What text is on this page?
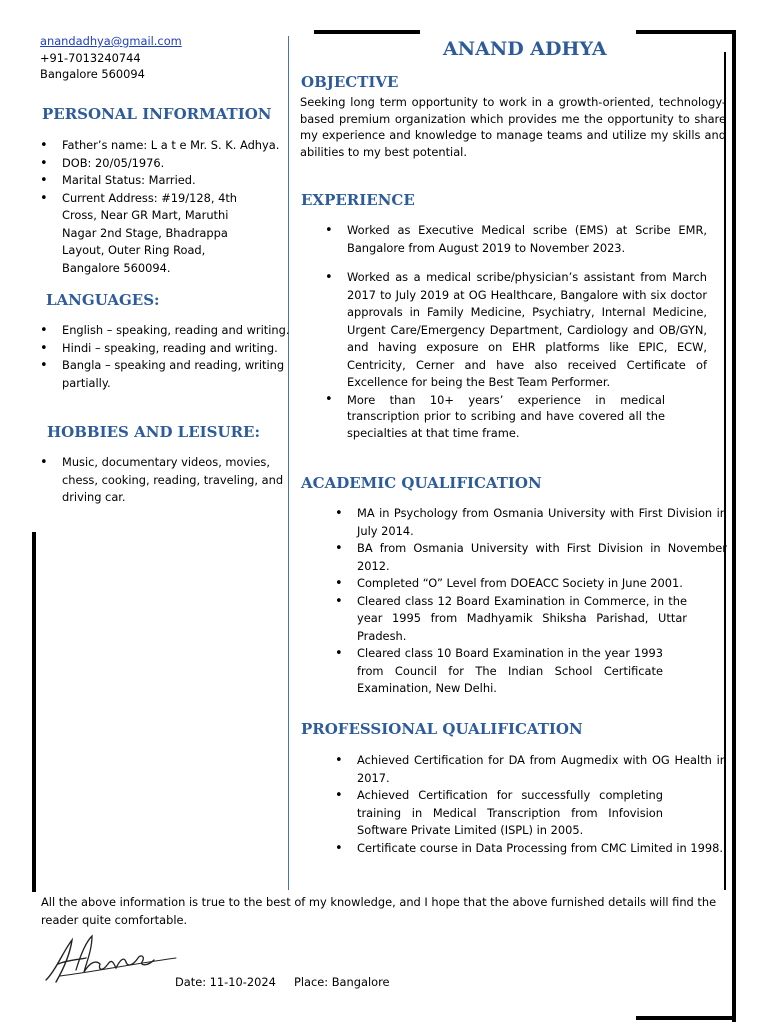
anandadhya@gmail.com
+91-7013240744
Bangalore 560094
ANAND ADHYA
PERSONAL INFORMATION
• Father’s name: L a t e Mr. S. K. Adhya.
• DOB: 20/05/1976.
• Marital Status: Married.
• Current Address: #19/128, 4th Cross, Near GR Mart, Maruthi Nagar 2nd Stage, Bhadrappa Layout, Outer Ring Road, Bangalore 560094.
LANGUAGES:
• English – speaking, reading and writing.
• Hindi – speaking, reading and writing.
• Bangla – speaking and reading, writing partially.
HOBBIES AND LEISURE:
• Music, documentary videos, movies, chess, cooking, reading, traveling, and driving car.
OBJECTIVE
Seeking long term opportunity to work in a growth-oriented, technology-based premium organization which provides me the opportunity to share my experience and knowledge to manage teams and utilize my skills and abilities to my best potential.
EXPERIENCE
• Worked as Executive Medical scribe (EMS) at Scribe EMR, Bangalore from August 2019 to November 2023.
• Worked as a medical scribe/physician’s assistant from March 2017 to July 2019 at OG Healthcare, Bangalore with six doctor approvals in Family Medicine, Psychiatry, Internal Medicine, Urgent Care/Emergency Department, Cardiology and OB/GYN, and having exposure on EHR platforms like EPIC, ECW, Centricity, Cerner and have also received Certificate of Excellence for being the Best Team Performer.
• More than 10+ years’ experience in medical transcription prior to scribing and have covered all the specialties at that time frame.
ACADEMIC QUALIFICATION
• MA in Psychology from Osmania University with First Division in July 2014.
• BA from Osmania University with First Division in November 2012.
• Completed “O” Level from DOEACC Society in June 2001.
• Cleared class 12 Board Examination in Commerce, in the year 1995 from Madhyamik Shiksha Parishad, Uttar Pradesh.
• Cleared class 10 Board Examination in the year 1993 from Council for The Indian School Certificate Examination, New Delhi.
PROFESSIONAL QUALIFICATION
• Achieved Certification for DA from Augmedix with OG Health in 2017.
• Achieved Certification for successfully completing training in Medical Transcription from Infovision Software Private Limited (ISPL) in 2005.
• Certificate course in Data Processing from CMC Limited in 1998.
All the above information is true to the best of my knowledge, and I hope that the above furnished details will find the reader quite comfortable.
Date: 11-10-2024 Place: Bangalore
